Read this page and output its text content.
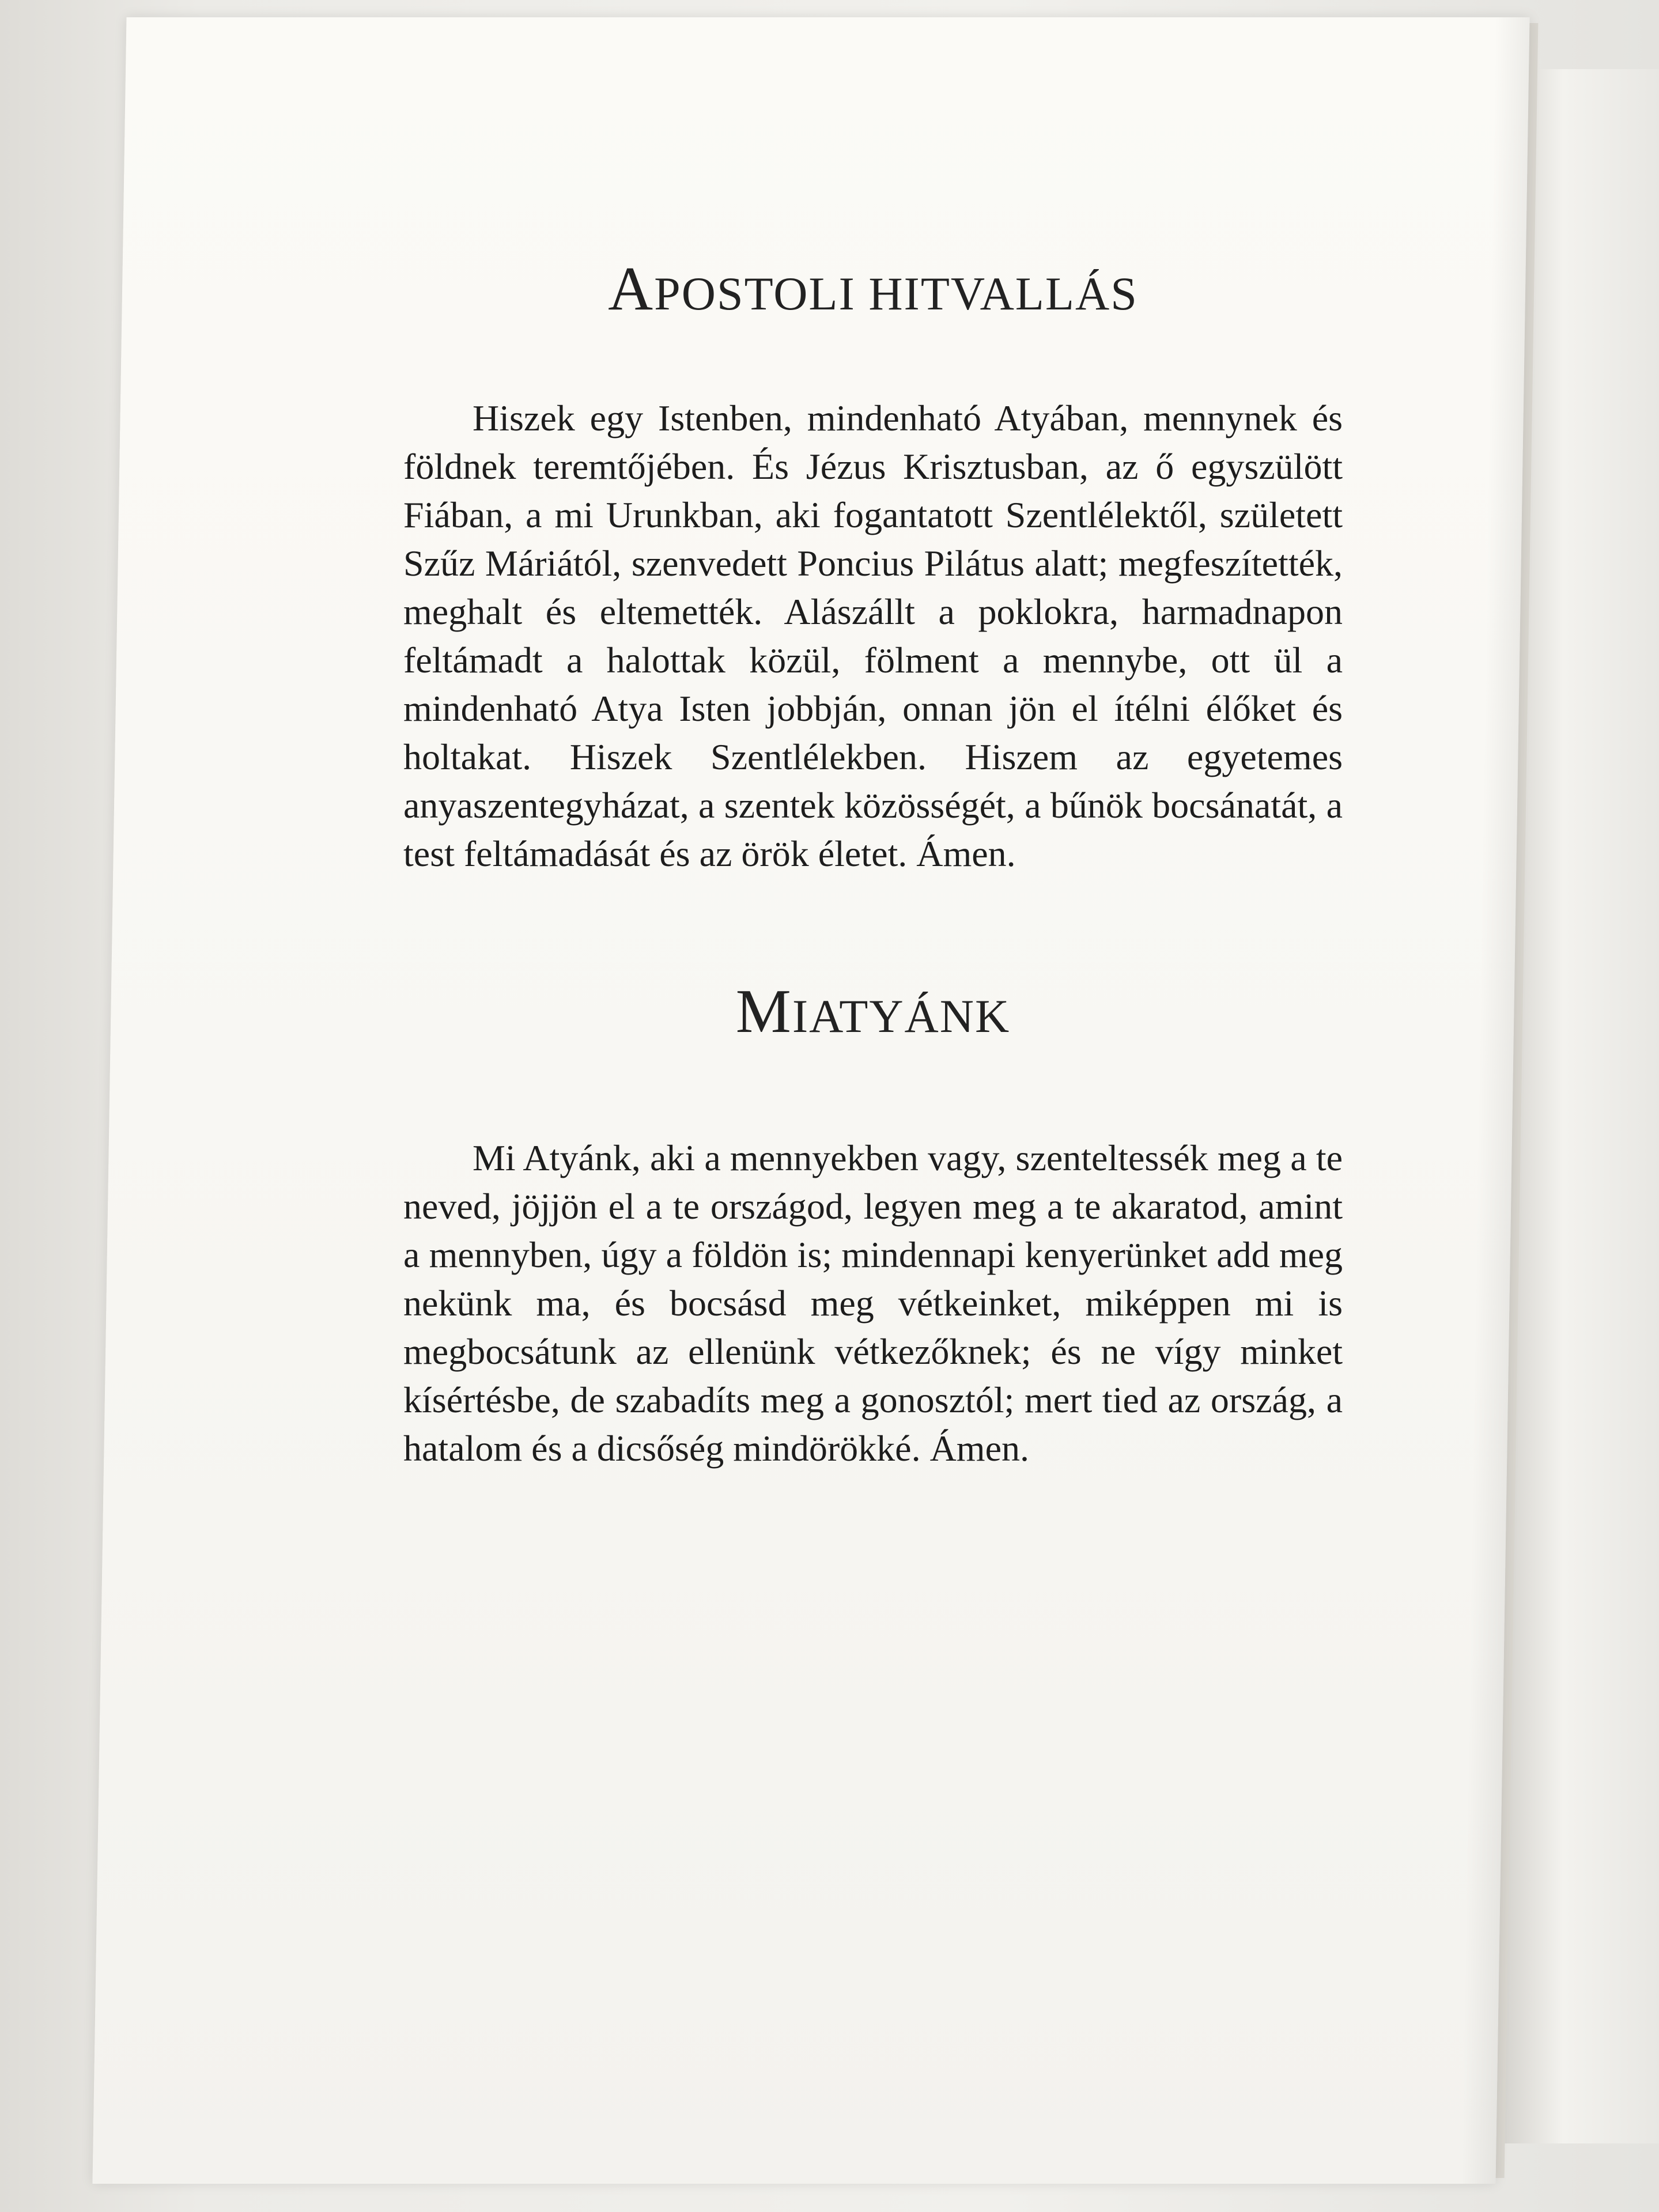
APOSTOLI HITVALLÁS

Hiszek egy Istenben, mindenható Atyában, mennynek és földnek teremtőjében. És Jézus Krisztusban, az ő egyszülött Fiában, a mi Urunkban, aki fogantatott Szentlélektől, született Szűz Máriától, szenvedett Poncius Pilátus alatt; megfeszítették, meghalt és eltemették. Alászállt a poklokra, harmadnapon feltámadt a halottak közül, fölment a mennybe, ott ül a mindenható Atya Isten jobbján, onnan jön el ítélni élőket és holtakat. Hiszek Szentlélekben. Hiszem az egyetemes anyaszentegyházat, a szentek közösségét, a bűnök bocsánatát, a test feltámadását és az örök életet. Ámen.

MIATYÁNK

Mi Atyánk, aki a mennyekben vagy, szenteltessék meg a te neved, jöjjön el a te országod, legyen meg a te akaratod, amint a mennyben, úgy a földön is; mindennapi kenyerünket add meg nekünk ma, és bocsásd meg vétkeinket, miképpen mi is megbocsátunk az ellenünk vétkezőknek; és ne vígy minket kísértésbe, de szabadíts meg a gonosztól; mert tied az ország, a hatalom és a dicsőség mindörökké. Ámen.
